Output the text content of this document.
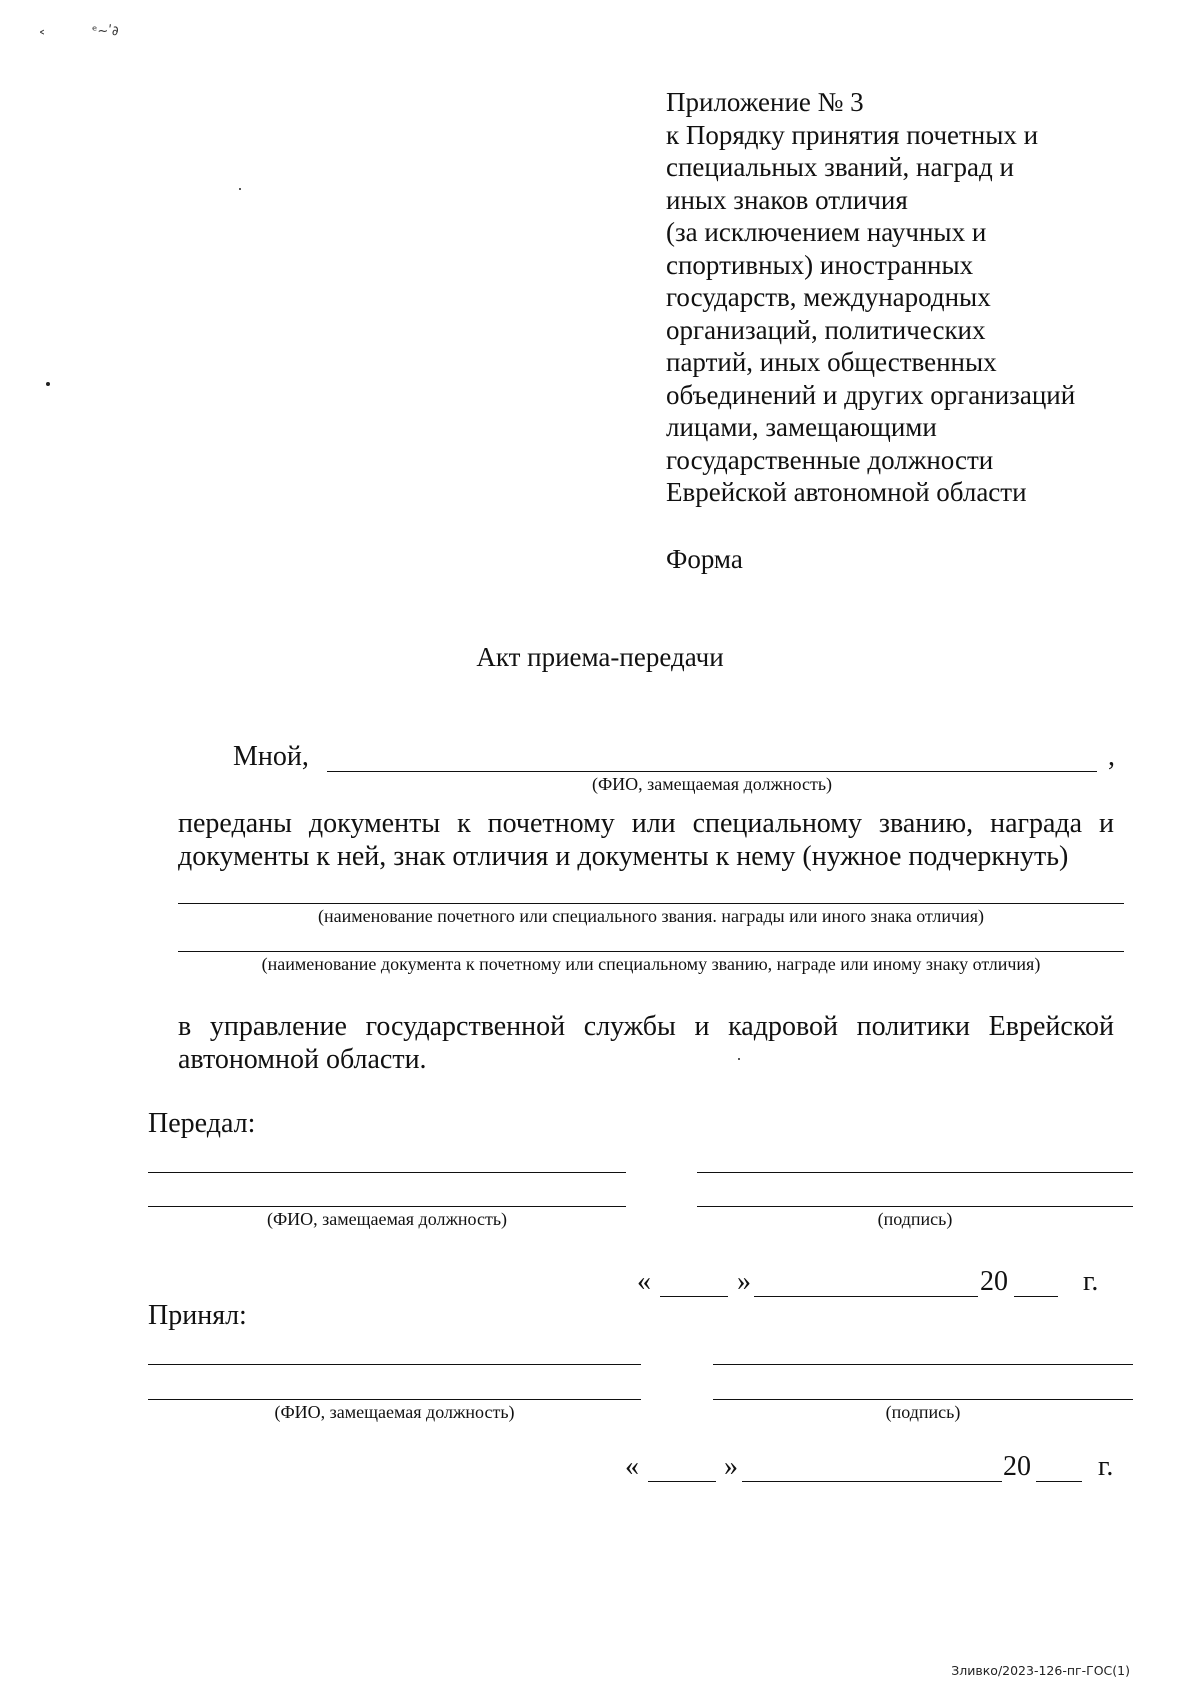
˂	ᵉ~ʹ∂
Приложение № 3
к Порядку принятия почетных и
специальных званий, наград и
иных знаков отличия
(за исключением научных и
спортивных) иностранных
государств, международных
организаций, политических
партий, иных общественных
объединений и других организаций
лицами, замещающими
государственные должности
Еврейской автономной области
Форма
Акт приема-передачи
Мной,	,
(ФИО, замещаемая должность)
переданы документы к почетному или специальному званию, награда и документы к ней, знак отличия и документы к нему (нужное подчеркнуть)
(наименование почетного или специального звания. награды или иного знака отличия)
(наименование документа к почетному или специальному званию, награде или иному знаку отличия)
в управление государственной службы и кадровой политики Еврейской автономной области.
Передал:
(ФИО, замещаемая должность)	(подпись)
«	»	20	г.
Принял:
(ФИО, замещаемая должность)	(подпись)
«	»	20 г.
Зливко/2023-126-пг-ГОС(1)
